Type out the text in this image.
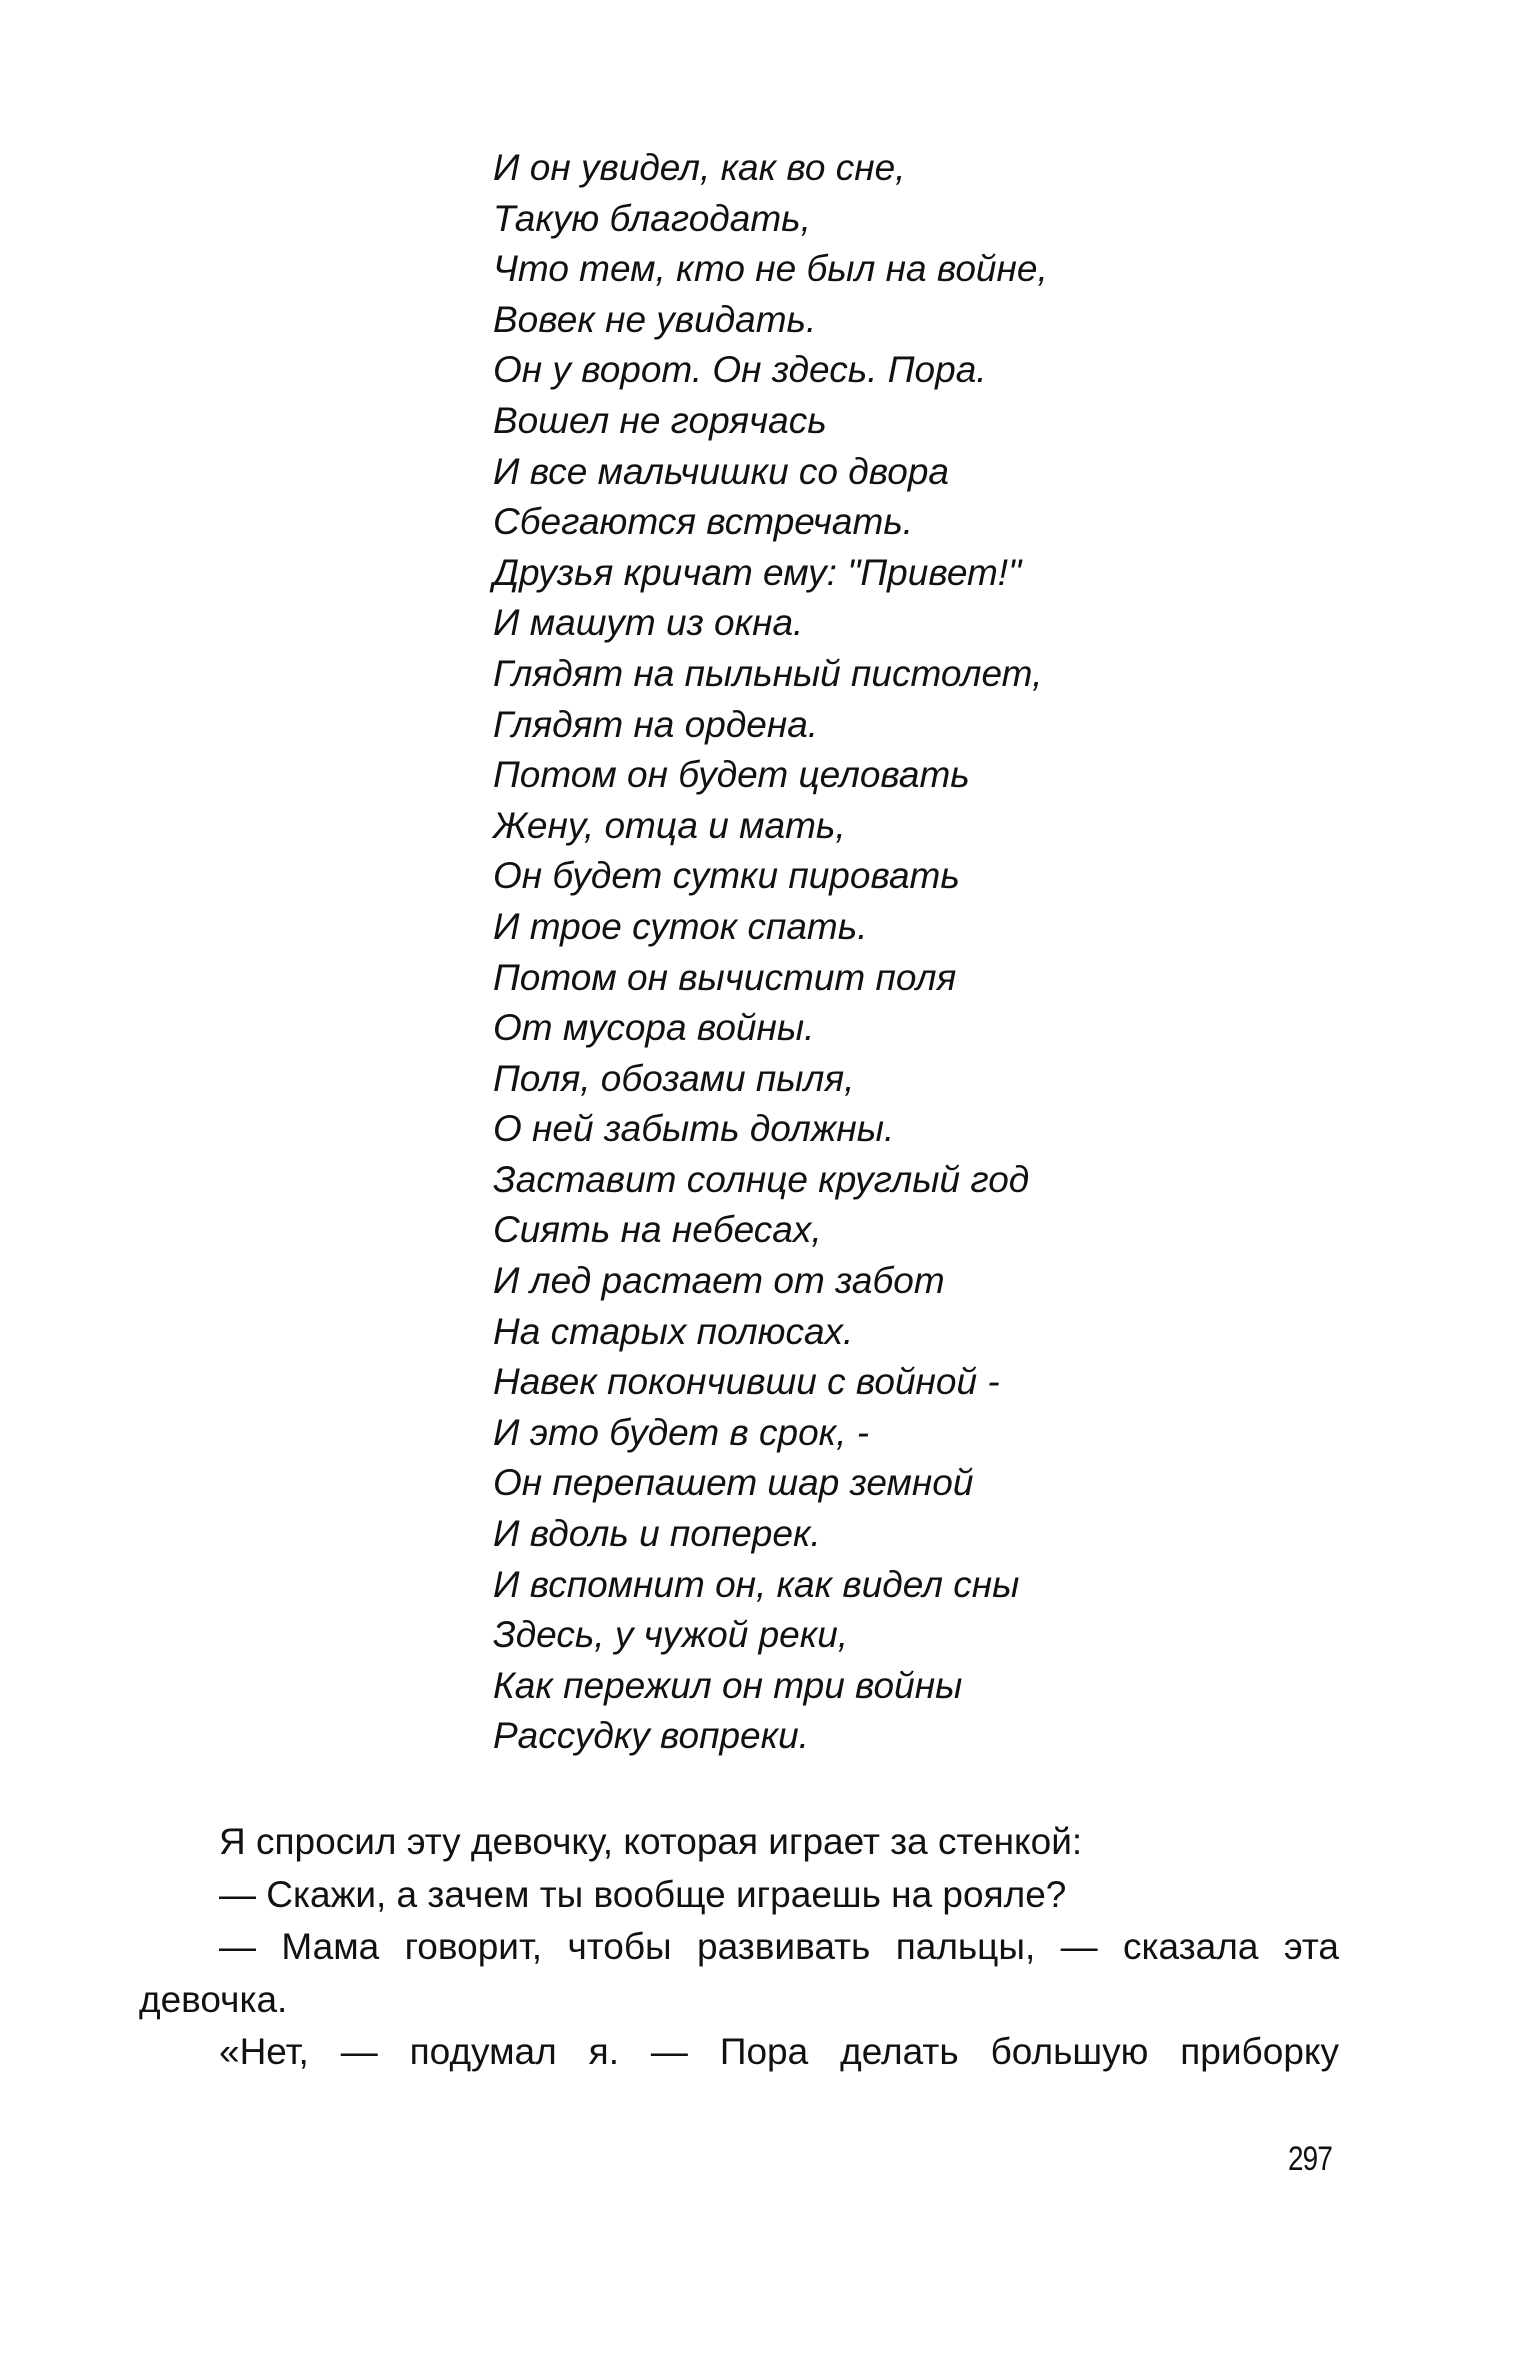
И он увидел, как во сне,
Такую благодать,
Что тем, кто не был на войне,
Вовек не увидать.
Он у ворот. Он здесь. Пора.
Вошел не горячась
И все мальчишки со двора
Сбегаются встречать.
Друзья кричат ему: "Привет!"
И машут из окна.
Глядят на пыльный пистолет,
Глядят на ордена.
Потом он будет целовать
Жену, отца и мать,
Он будет сутки пировать
И трое суток спать.
Потом он вычистит поля
От мусора войны.
Поля, обозами пыля,
О ней забыть должны.
Заставит солнце круглый год
Сиять на небесах,
И лед растает от забот
На старых полюсах.
Навек покончивши с войной -
И это будет в срок, -
Он перепашет шар земной
И вдоль и поперек.
И вспомнит он, как видел сны
Здесь, у чужой реки,
Как пережил он три войны
Рассудку вопреки.

Я спросил эту девочку, которая играет за стенкой:

— Скажи, а зачем ты вообще играешь на рояле?

— Мама говорит, чтобы развивать пальцы, — сказала эта девочка.

«Нет, — подумал я. — Пора делать большую приборку

297
